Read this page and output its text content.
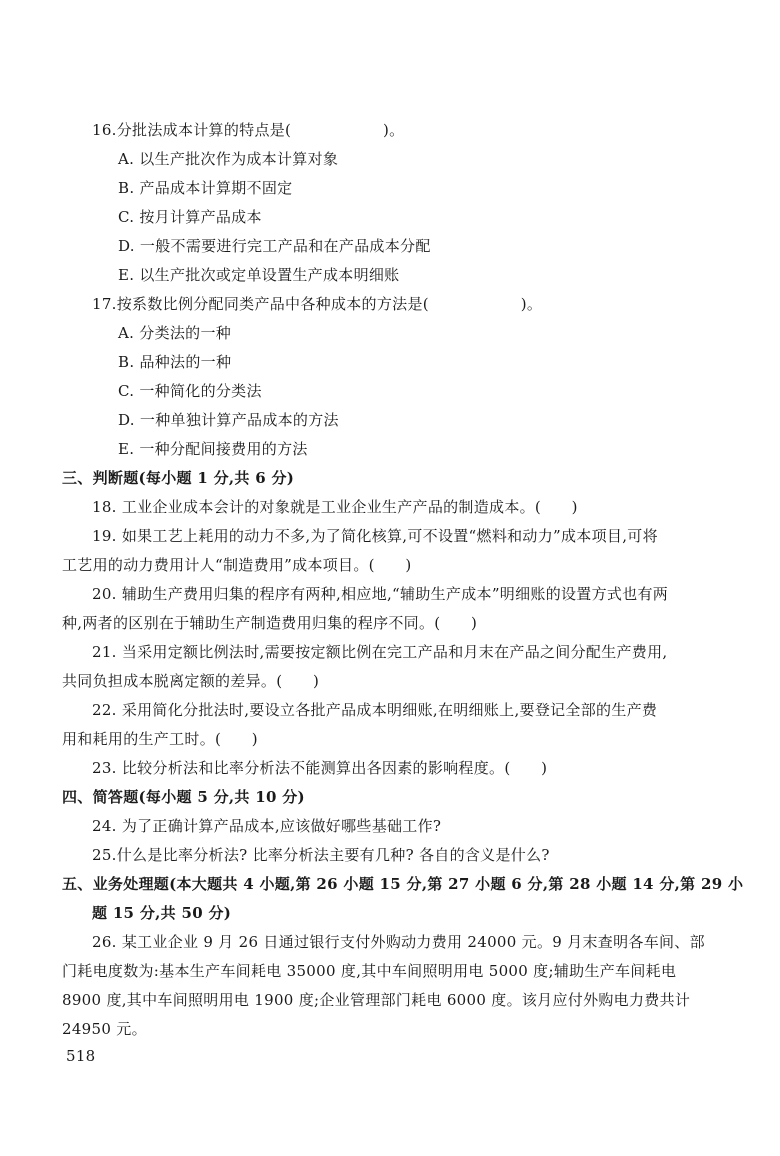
16.分批法成本计算的特点是(　　　　　　)。
A. 以生产批次作为成本计算对象
B. 产品成本计算期不固定
C. 按月计算产品成本
D. 一般不需要进行完工产品和在产品成本分配
E. 以生产批次或定单设置生产成本明细账
17.按系数比例分配同类产品中各种成本的方法是(　　　　　　)。
A. 分类法的一种
B. 品种法的一种
C. 一种简化的分类法
D. 一种单独计算产品成本的方法
E. 一种分配间接费用的方法
三、判断题(每小题 1 分,共 6 分)
18. 工业企业成本会计的对象就是工业企业生产产品的制造成本。(　　)
19. 如果工艺上耗用的动力不多,为了简化核算,可不设置“燃料和动力”成本项目,可将
工艺用的动力费用计人“制造费用”成本项目。(　　)
20. 辅助生产费用归集的程序有两种,相应地,“辅助生产成本”明细账的设置方式也有两
种,两者的区别在于辅助生产制造费用归集的程序不同。(　　)
21. 当采用定额比例法时,需要按定额比例在完工产品和月末在产品之间分配生产费用,
共同负担成本脱离定额的差异。(　　)
22. 采用简化分批法时,要设立各批产品成本明细账,在明细账上,要登记全部的生产费
用和耗用的生产工时。(　　)
23. 比较分析法和比率分析法不能测算出各因素的影响程度。(　　)
四、简答题(每小题 5 分,共 10 分)
24. 为了正确计算产品成本,应该做好哪些基础工作?
25.什么是比率分析法? 比率分析法主要有几种? 各自的含义是什么?
五、业务处理题(本大题共 4 小题,第 26 小题 15 分,第 27 小题 6 分,第 28 小题 14 分,第 29 小
题 15 分,共 50 分)
26. 某工业企业 9 月 26 日通过银行支付外购动力费用 24000 元。9 月末查明各车间、部
门耗电度数为:基本生产车间耗电 35000 度,其中车间照明用电 5000 度;辅助生产车间耗电
8900 度,其中车间照明用电 1900 度;企业管理部门耗电 6000 度。该月应付外购电力费共计
24950 元。
518
